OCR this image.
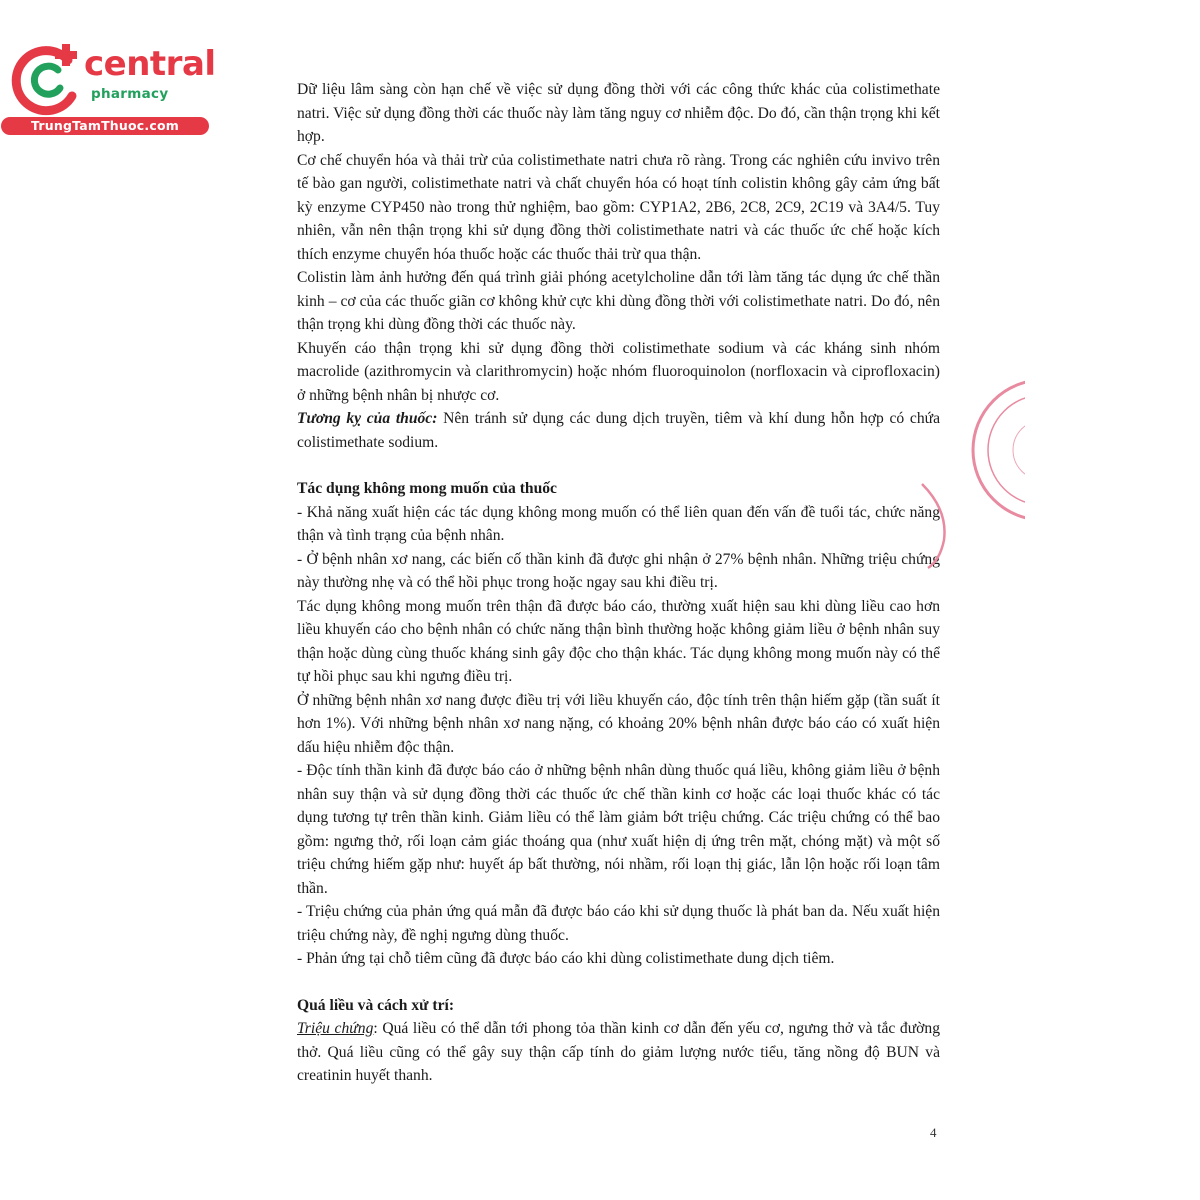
central
pharmacy
TrungTamThuoc.com

Dữ liệu lâm sàng còn hạn chế về việc sử dụng đồng thời với các công thức khác của colistimethate natri. Việc sử dụng đồng thời các thuốc này làm tăng nguy cơ nhiễm độc. Do đó, cần thận trọng khi kết hợp.

Cơ chế chuyển hóa và thải trừ của colistimethate natri chưa rõ ràng. Trong các nghiên cứu invivo trên tế bào gan người, colistimethate natri và chất chuyển hóa có hoạt tính colistin không gây cảm ứng bất kỳ enzyme CYP450 nào trong thử nghiệm, bao gồm: CYP1A2, 2B6, 2C8, 2C9, 2C19 và 3A4/5. Tuy nhiên, vẫn nên thận trọng khi sử dụng đồng thời colistimethate natri và các thuốc ức chế hoặc kích thích enzyme chuyển hóa thuốc hoặc các thuốc thải trừ qua thận.

Colistin làm ảnh hưởng đến quá trình giải phóng acetylcholine dẫn tới làm tăng tác dụng ức chế thần kinh – cơ của các thuốc giãn cơ không khử cực khi dùng đồng thời với colistimethate natri. Do đó, nên thận trọng khi dùng đồng thời các thuốc này.

Khuyến cáo thận trọng khi sử dụng đồng thời colistimethate sodium và các kháng sinh nhóm macrolide (azithromycin và clarithromycin) hoặc nhóm fluoroquinolon (norfloxacin và ciprofloxacin) ở những bệnh nhân bị nhược cơ.

Tương kỵ của thuốc: Nên tránh sử dụng các dung dịch truyền, tiêm và khí dung hỗn hợp có chứa colistimethate sodium.

Tác dụng không mong muốn của thuốc

- Khả năng xuất hiện các tác dụng không mong muốn có thể liên quan đến vấn đề tuổi tác, chức năng thận và tình trạng của bệnh nhân.

- Ở bệnh nhân xơ nang, các biến cố thần kinh đã được ghi nhận ở 27% bệnh nhân. Những triệu chứng này thường nhẹ và có thể hồi phục trong hoặc ngay sau khi điều trị.

Tác dụng không mong muốn trên thận đã được báo cáo, thường xuất hiện sau khi dùng liều cao hơn liều khuyến cáo cho bệnh nhân có chức năng thận bình thường hoặc không giảm liều ở bệnh nhân suy thận hoặc dùng cùng thuốc kháng sinh gây độc cho thận khác. Tác dụng không mong muốn này có thể tự hồi phục sau khi ngưng điều trị.

Ở những bệnh nhân xơ nang được điều trị với liều khuyến cáo, độc tính trên thận hiếm gặp (tần suất ít hơn 1%). Với những bệnh nhân xơ nang nặng, có khoảng 20% bệnh nhân được báo cáo có xuất hiện dấu hiệu nhiễm độc thận.

- Độc tính thần kinh đã được báo cáo ở những bệnh nhân dùng thuốc quá liều, không giảm liều ở bệnh nhân suy thận và sử dụng đồng thời các thuốc ức chế thần kinh cơ hoặc các loại thuốc khác có tác dụng tương tự trên thần kinh. Giảm liều có thể làm giảm bớt triệu chứng. Các triệu chứng có thể bao gồm: ngưng thở, rối loạn cảm giác thoáng qua (như xuất hiện dị ứng trên mặt, chóng mặt) và một số triệu chứng hiếm gặp như: huyết áp bất thường, nói nhầm, rối loạn thị giác, lẫn lộn hoặc rối loạn tâm thần.

- Triệu chứng của phản ứng quá mẫn đã được báo cáo khi sử dụng thuốc là phát ban da. Nếu xuất hiện triệu chứng này, đề nghị ngưng dùng thuốc.

- Phản ứng tại chỗ tiêm cũng đã được báo cáo khi dùng colistimethate dung dịch tiêm.

Quá liều và cách xử trí:

Triệu chứng: Quá liều có thể dẫn tới phong tỏa thần kinh cơ dẫn đến yếu cơ, ngưng thở và tắc đường thở. Quá liều cũng có thể gây suy thận cấp tính do giảm lượng nước tiểu, tăng nồng độ BUN và creatinin huyết thanh.

4
